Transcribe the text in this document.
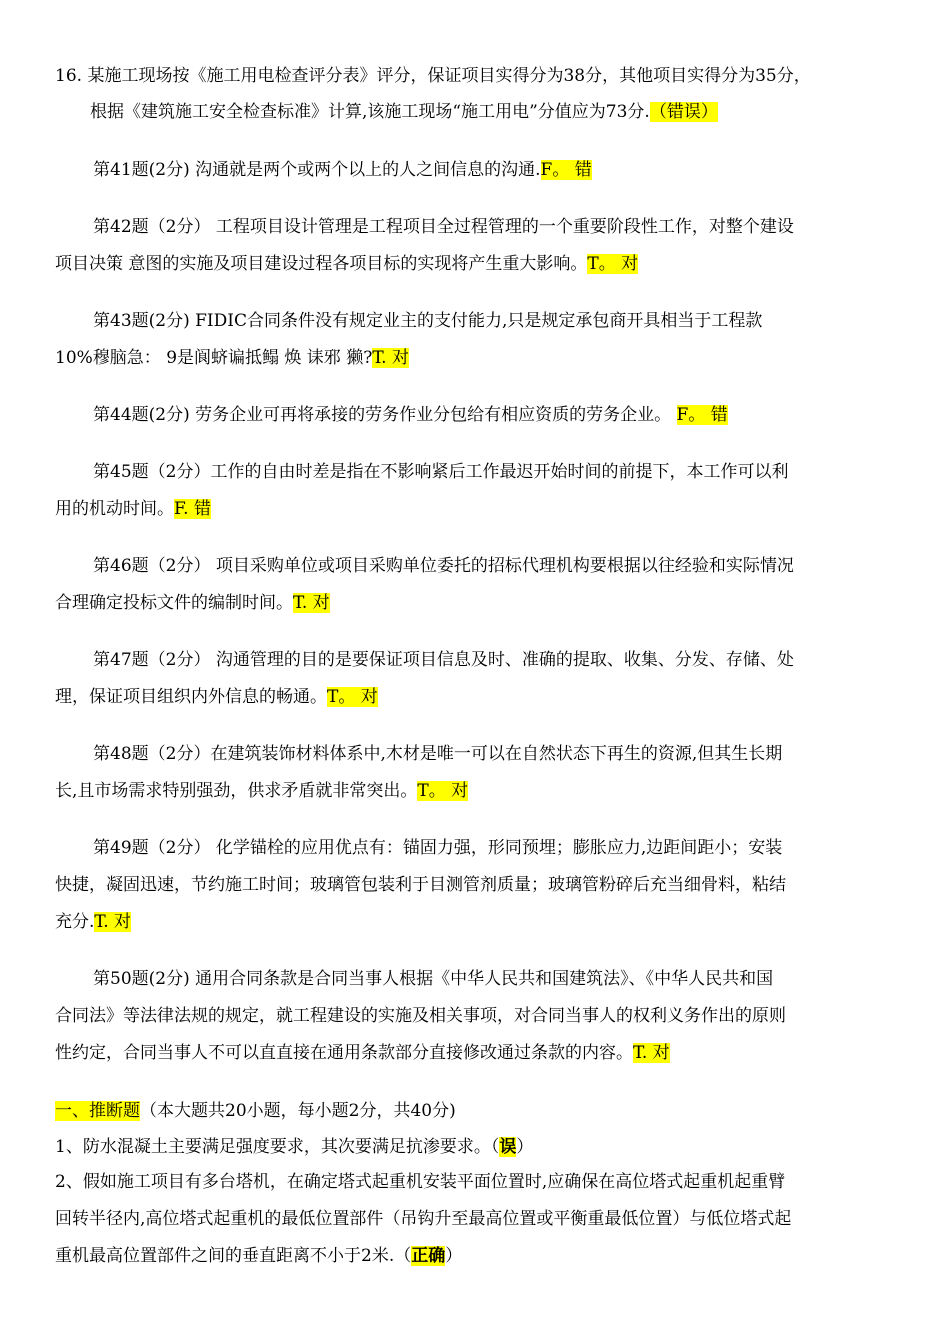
16. 某施工现场按《施工用电检查评分表》评分，保证项目实得分为38分，其他项目实得分为35分，
根据《建筑施工安全检查标准》计算,该施工现场“施工用电”分值应为73分.（错误）
第41题(2分) 沟通就是两个或两个以上的人之间信息的沟通.F。 错
第42题（2分） 工程项目设计管理是工程项目全过程管理的一个重要阶段性工作，对整个建设
项目决策 意图的实施及项目建设过程各项目标的实现将产生重大影响。T。 对
第43题(2分) FIDIC合同条件没有规定业主的支付能力,只是规定承包商开具相当于工程款
10%穆脑急： 9是阆蛴谝抵鳎 焕 诔邪 獭?T. 对
第44题(2分) 劳务企业可再将承接的劳务作业分包给有相应资质的劳务企业。 F。 错
第45题（2分）工作的自由时差是指在不影响紧后工作最迟开始时间的前提下，本工作可以利
用的机动时间。F. 错
第46题（2分） 项目采购单位或项目采购单位委托的招标代理机构要根据以往经验和实际情况
合理确定投标文件的编制时间。T. 对
第47题（2分） 沟通管理的目的是要保证项目信息及时、准确的提取、收集、分发、存储、处
理，保证项目组织内外信息的畅通。T。 对
第48题（2分）在建筑装饰材料体系中,木材是唯一可以在自然状态下再生的资源,但其生长期
长,且市场需求特别强劲，供求矛盾就非常突出。T。 对
第49题（2分） 化学锚栓的应用优点有：锚固力强，形同预埋；膨胀应力,边距间距小；安装
快捷，凝固迅速，节约施工时间；玻璃管包装利于目测管剂质量；玻璃管粉碎后充当细骨料，粘结
充分.T. 对
第50题(2分) 通用合同条款是合同当事人根据《中华人民共和国建筑法》、《中华人民共和国
合同法》等法律法规的规定，就工程建设的实施及相关事项，对合同当事人的权利义务作出的原则
性约定，合同当事人不可以直直接在通用条款部分直接修改通过条款的内容。T. 对
一、推断题（本大题共20小题，每小题2分，共40分)
1、防水混凝土主要满足强度要求，其次要满足抗渗要求。（误）
2、假如施工项目有多台塔机，在确定塔式起重机安装平面位置时,应确保在高位塔式起重机起重臂
回转半径内,高位塔式起重机的最低位置部件（吊钩升至最高位置或平衡重最低位置）与低位塔式起
重机最高位置部件之间的垂直距离不小于2米.（正确）
